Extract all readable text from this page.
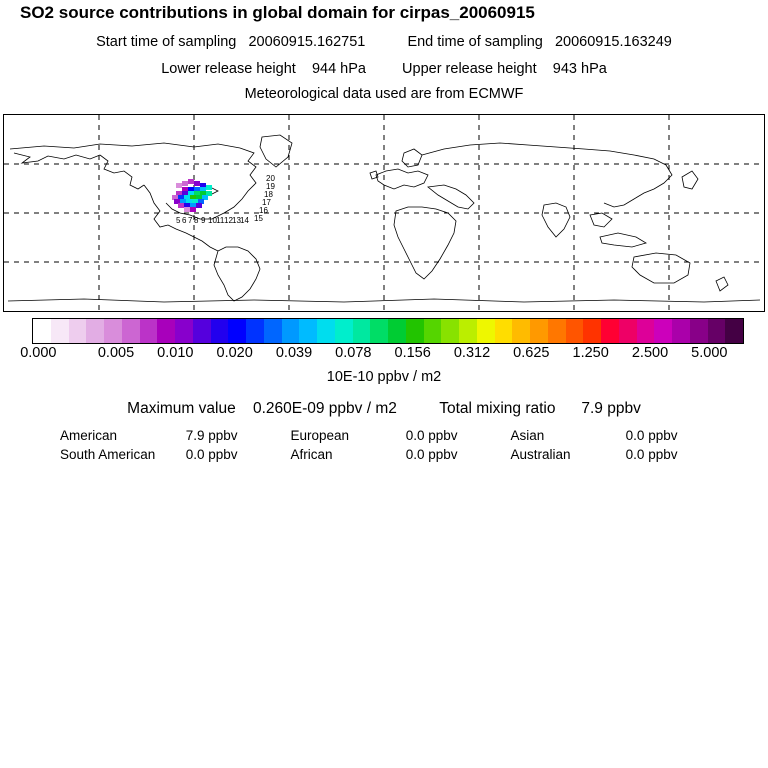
SO2 source contributions in global domain for cirpas_20060915
Start time of sampling 20060915.162751	End time of sampling 20060915.163249
Lower release height 944 hPa Upper release height 943 hPa
Meteorological data used are from ECMWF
20
19
18
17
16
15
14
13
12
11
10
9
8
7
6
5
0.000	0.005 0.010 0.020 0.039 0.078 0.156 0.312 0.625 1.250 2.500 5.000
10E-10 ppbv / m2
Maximum value 0.260E-09 ppbv / m2	Total mixing ratio 7.9 ppbv
American	7.9 ppbv	European	0.0 ppbv	Asian	0.0 ppbv
South American	0.0 ppbv	African	0.0 ppbv	Australian	0.0 ppbv
